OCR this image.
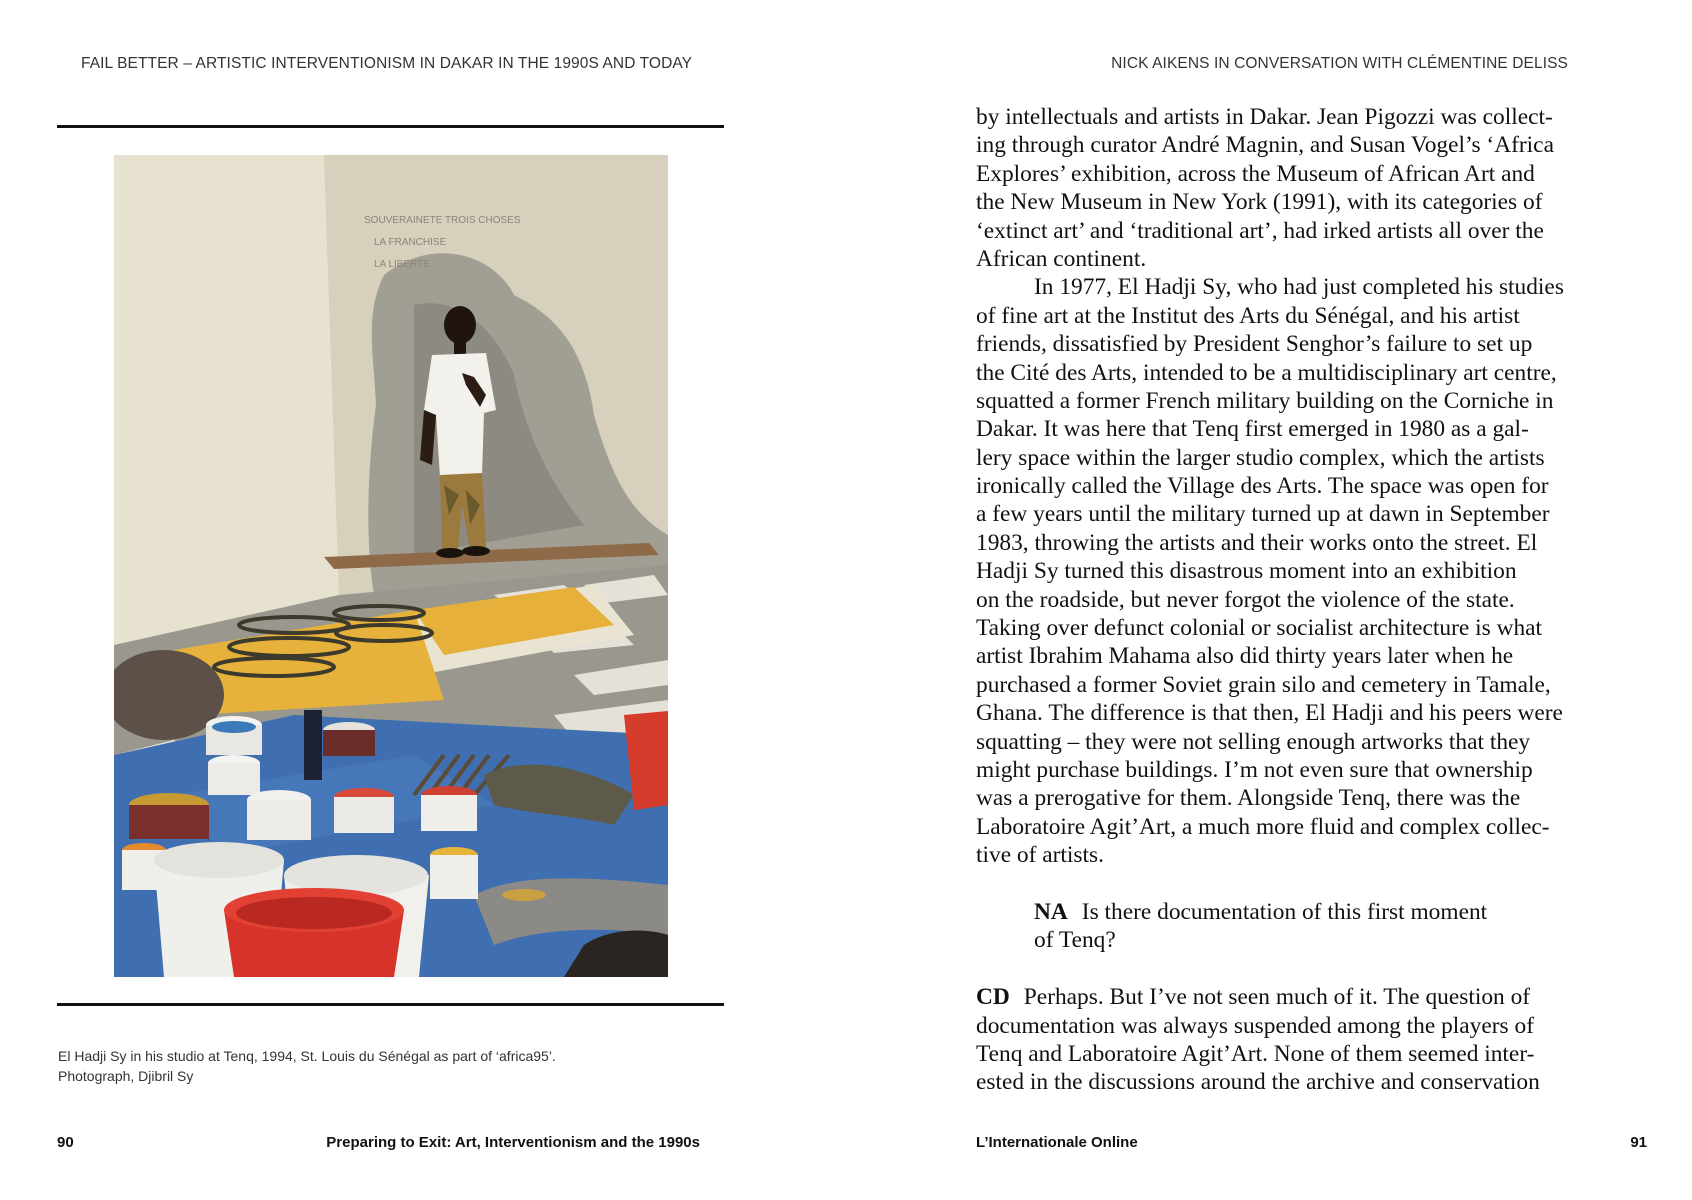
FAIL BETTER – ARTISTIC INTERVENTIONISM IN DAKAR IN THE 1990S AND TODAY
SOUVERAINETE TROIS CHOSES
LA FRANCHISE
LA LIBERTE
El Hadji Sy in his studio at Tenq, 1994, St. Louis du Sénégal as part of ‘africa95’.
Photograph, Djibril Sy
90	Preparing to Exit: Art, Interventionism and the 1990s
NICK AIKENS IN CONVERSATION WITH CLÉMENTINE DELISS
by intellectuals and artists in Dakar. Jean Pigozzi was collect-
ing through curator André Magnin, and Susan Vogel’s ‘Africa
Explores’ exhibition, across the Museum of African Art and
the New Museum in New York (1991), with its categories of
‘extinct art’ and ‘traditional art’, had irked artists all over the
African continent.
In 1977, El Hadji Sy, who had just completed his studies
of fine art at the Institut des Arts du Sénégal, and his artist
friends, dissatisfied by President Senghor’s failure to set up
the Cité des Arts, intended to be a multidisciplinary art centre,
squatted a former French military building on the Corniche in
Dakar. It was here that Tenq first emerged in 1980 as a gal-
lery space within the larger studio complex, which the artists
ironically called the Village des Arts. The space was open for
a few years until the military turned up at dawn in September
1983, throwing the artists and their works onto the street. El
Hadji Sy turned this disastrous moment into an exhibition
on the roadside, but never forgot the violence of the state.
Taking over defunct colonial or socialist architecture is what
artist Ibrahim Mahama also did thirty years later when he
purchased a former Soviet grain silo and cemetery in Tamale,
Ghana. The difference is that then, El Hadji and his peers were
squatting – they were not selling enough artworks that they
might purchase buildings. I’m not even sure that ownership
was a prerogative for them. Alongside Tenq, there was the
Laboratoire Agit’Art, a much more fluid and complex collec-
tive of artists.
NA Is there documentation of this first moment
of Tenq?
CD Perhaps. But I’ve not seen much of it. The question of
documentation was always suspended among the players of
Tenq and Laboratoire Agit’Art. None of them seemed inter-
ested in the discussions around the archive and conservation
L’Internationale Online	91
